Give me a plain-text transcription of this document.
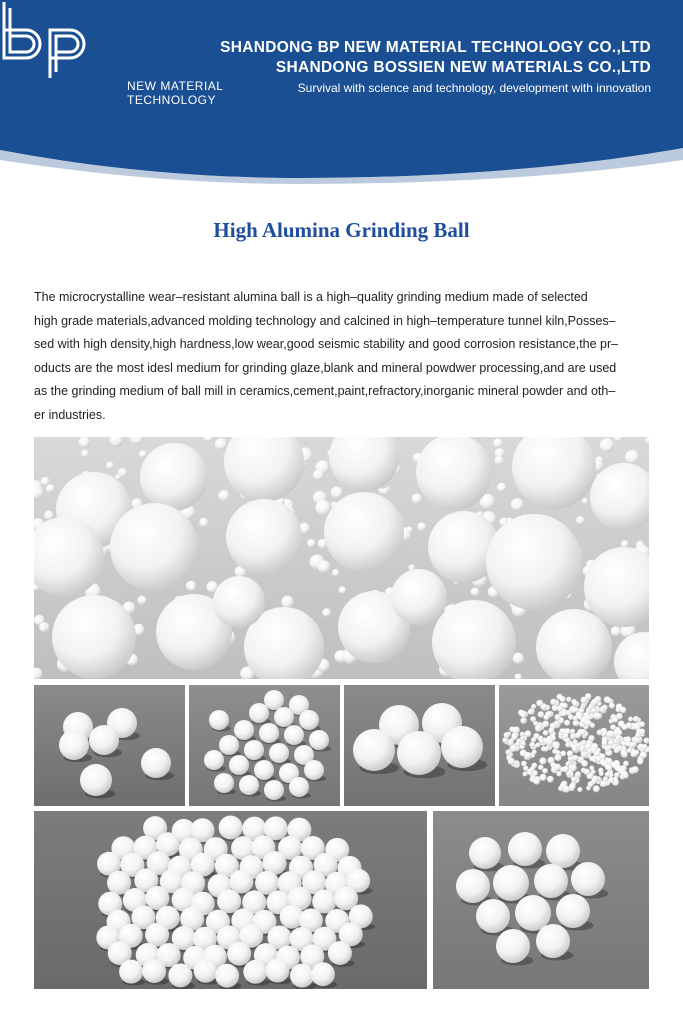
NEW MATERIAL
TECHNOLOGY
SHANDONG BP NEW MATERIAL TECHNOLOGY CO.,LTD
SHANDONG BOSSIEN NEW MATERIALS CO.,LTD
Survival with science and technology, development with innovation
High Alumina Grinding Ball
The microcrystalline wear–resistant alumina ball is a high–quality grinding medium made of selected
high grade materials,advanced molding technology and calcined in high–temperature tunnel kiln,Posses–
sed with high density,high hardness,low wear,good seismic stability and good corrosion resistance,the pr–
oducts are the most idesl medium for grinding glaze,blank and mineral powdwer processing,and are used
as the grinding medium of ball mill in ceramics,cement,paint,refractory,inorganic mineral powder and oth–
er industries.
